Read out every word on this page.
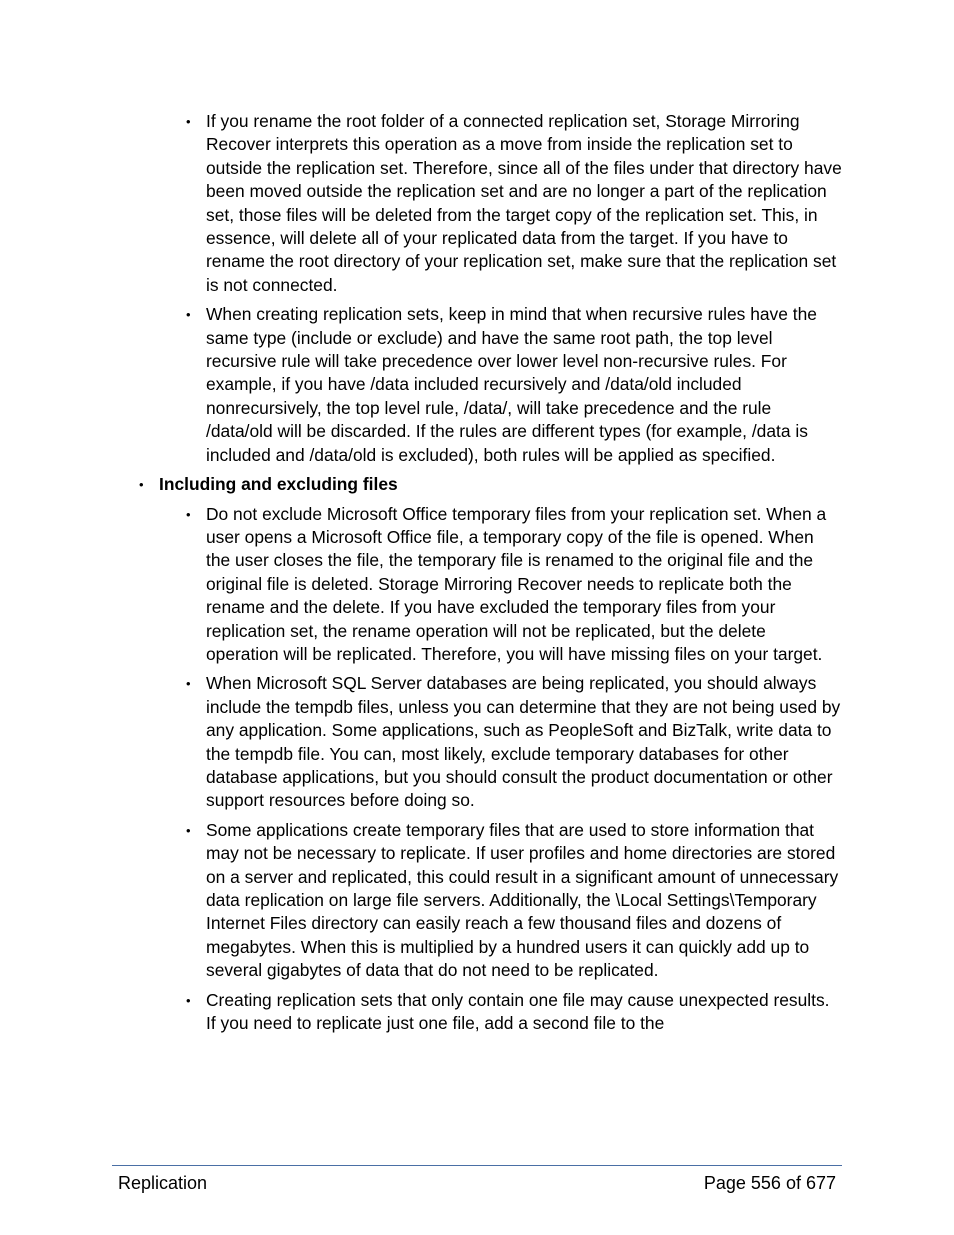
• If you rename the root folder of a connected replication set, Storage Mirroring Recover interprets this operation as a move from inside the replication set to outside the replication set. Therefore, since all of the files under that directory have been moved outside the replication set and are no longer a part of the replication set, those files will be deleted from the target copy of the replication set. This, in essence, will delete all of your replicated data from the target. If you have to rename the root directory of your replication set, make sure that the replication set is not connected.
• When creating replication sets, keep in mind that when recursive rules have the same type (include or exclude) and have the same root path, the top level recursive rule will take precedence over lower level non-recursive rules. For example, if you have /data included recursively and /data/old included nonrecursively, the top level rule, /data/, will take precedence and the rule /data/old will be discarded. If the rules are different types (for example, /data is included and /data/old is excluded), both rules will be applied as specified.
• Including and excluding files
• Do not exclude Microsoft Office temporary files from your replication set. When a user opens a Microsoft Office file, a temporary copy of the file is opened. When the user closes the file, the temporary file is renamed to the original file and the original file is deleted. Storage Mirroring Recover needs to replicate both the rename and the delete. If you have excluded the temporary files from your replication set, the rename operation will not be replicated, but the delete operation will be replicated. Therefore, you will have missing files on your target.
• When Microsoft SQL Server databases are being replicated, you should always include the tempdb files, unless you can determine that they are not being used by any application. Some applications, such as PeopleSoft and BizTalk, write data to the tempdb file. You can, most likely, exclude temporary databases for other database applications, but you should consult the product documentation or other support resources before doing so.
• Some applications create temporary files that are used to store information that may not be necessary to replicate. If user profiles and home directories are stored on a server and replicated, this could result in a significant amount of unnecessary data replication on large file servers. Additionally, the \Local Settings\Temporary Internet Files directory can easily reach a few thousand files and dozens of megabytes. When this is multiplied by a hundred users it can quickly add up to several gigabytes of data that do not need to be replicated.
• Creating replication sets that only contain one file may cause unexpected results. If you need to replicate just one file, add a second file to the
Replication	Page 556 of 677
